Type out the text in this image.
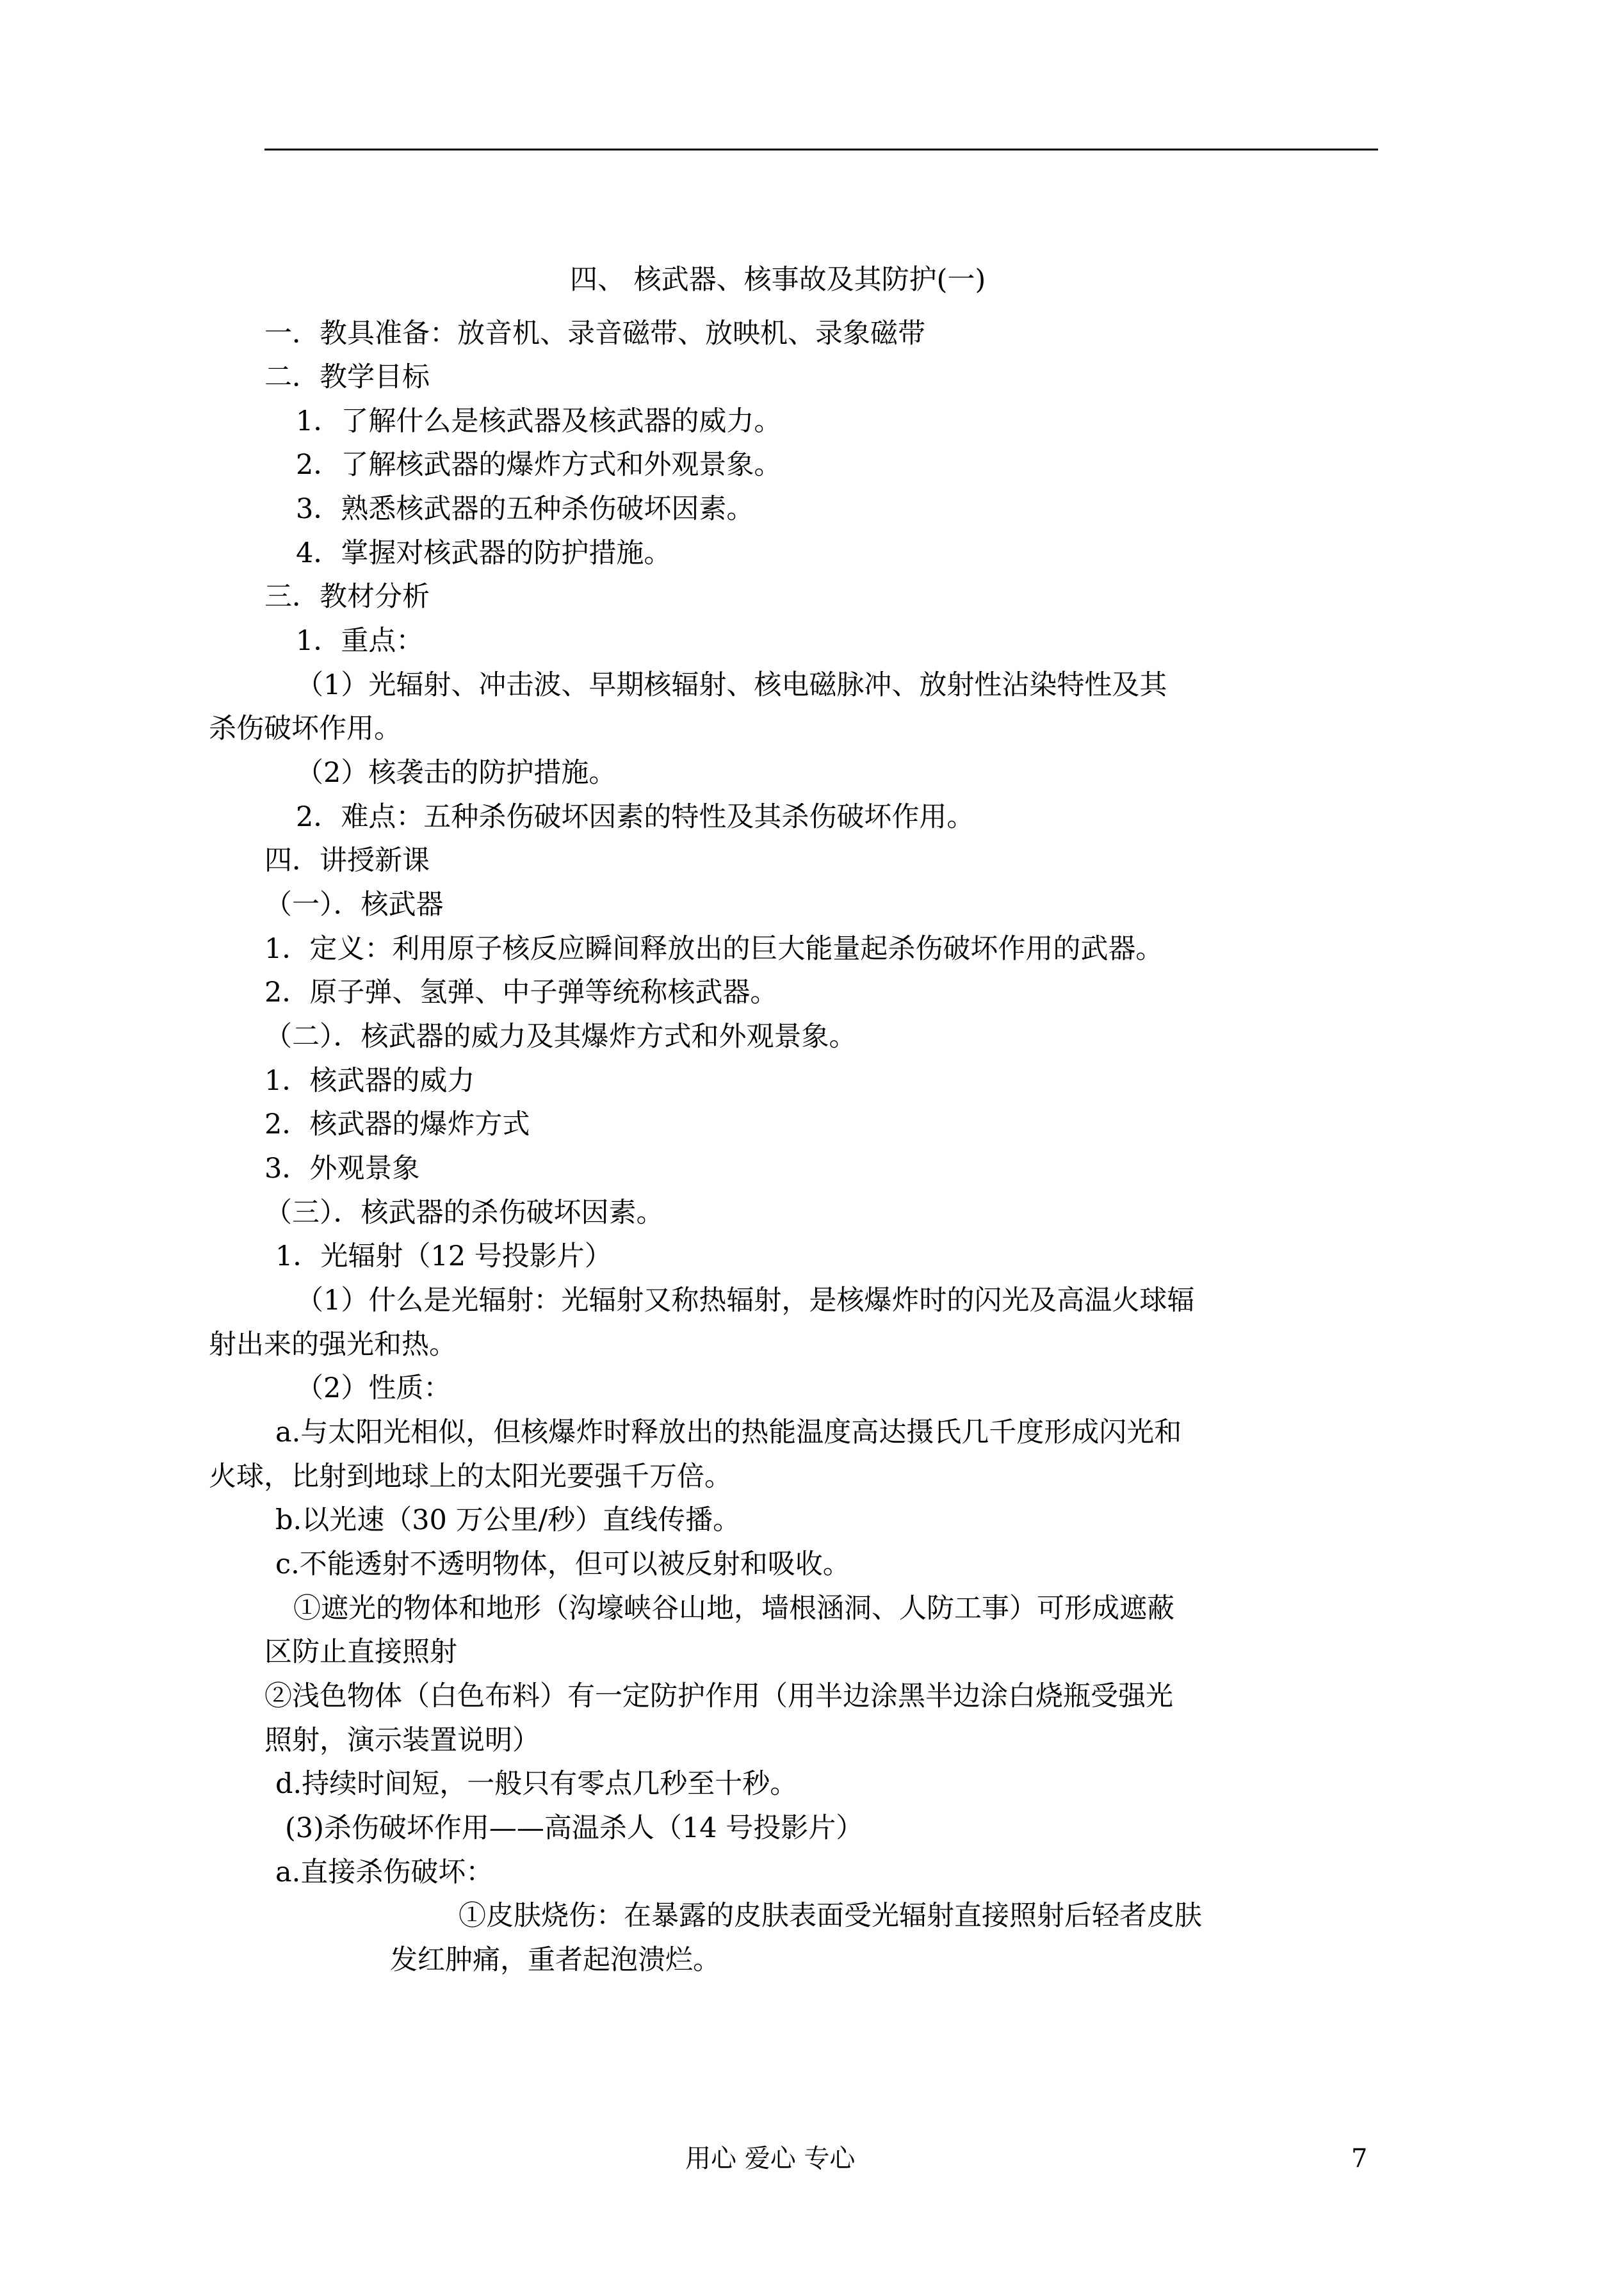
四、 核武器、核事故及其防护(一)
一．教具准备：放音机、录音磁带、放映机、录象磁带
二．教学目标
1．了解什么是核武器及核武器的威力。
2．了解核武器的爆炸方式和外观景象。
3．熟悉核武器的五种杀伤破坏因素。
4．掌握对核武器的防护措施。
三．教材分析
1．重点：
（1）光辐射、冲击波、早期核辐射、核电磁脉冲、放射性沾染特性及其
杀伤破坏作用。
（2）核袭击的防护措施。
2．难点：五种杀伤破坏因素的特性及其杀伤破坏作用。
四．讲授新课
（一）．核武器
1．定义：利用原子核反应瞬间释放出的巨大能量起杀伤破坏作用的武器。
2．原子弹、氢弹、中子弹等统称核武器。
（二）．核武器的威力及其爆炸方式和外观景象。
1．核武器的威力
2．核武器的爆炸方式
3．外观景象
（三）．核武器的杀伤破坏因素。
1．光辐射（12 号投影片）
（1）什么是光辐射：光辐射又称热辐射，是核爆炸时的闪光及高温火球辐
射出来的强光和热。
（2）性质：
a.与太阳光相似，但核爆炸时释放出的热能温度高达摄氏几千度形成闪光和
火球，比射到地球上的太阳光要强千万倍。
b.以光速（30 万公里/秒）直线传播。
c.不能透射不透明物体，但可以被反射和吸收。
①遮光的物体和地形（沟壕峡谷山地，墙根涵洞、人防工事）可形成遮蔽
区防止直接照射
②浅色物体（白色布料）有一定防护作用（用半边涂黑半边涂白烧瓶受强光
照射，演示装置说明）
d.持续时间短，一般只有零点几秒至十秒。
(3)杀伤破坏作用——高温杀人（14 号投影片）
a.直接杀伤破坏：
①皮肤烧伤：在暴露的皮肤表面受光辐射直接照射后轻者皮肤
发红肿痛，重者起泡溃烂。
用心 爱心 专心	7
